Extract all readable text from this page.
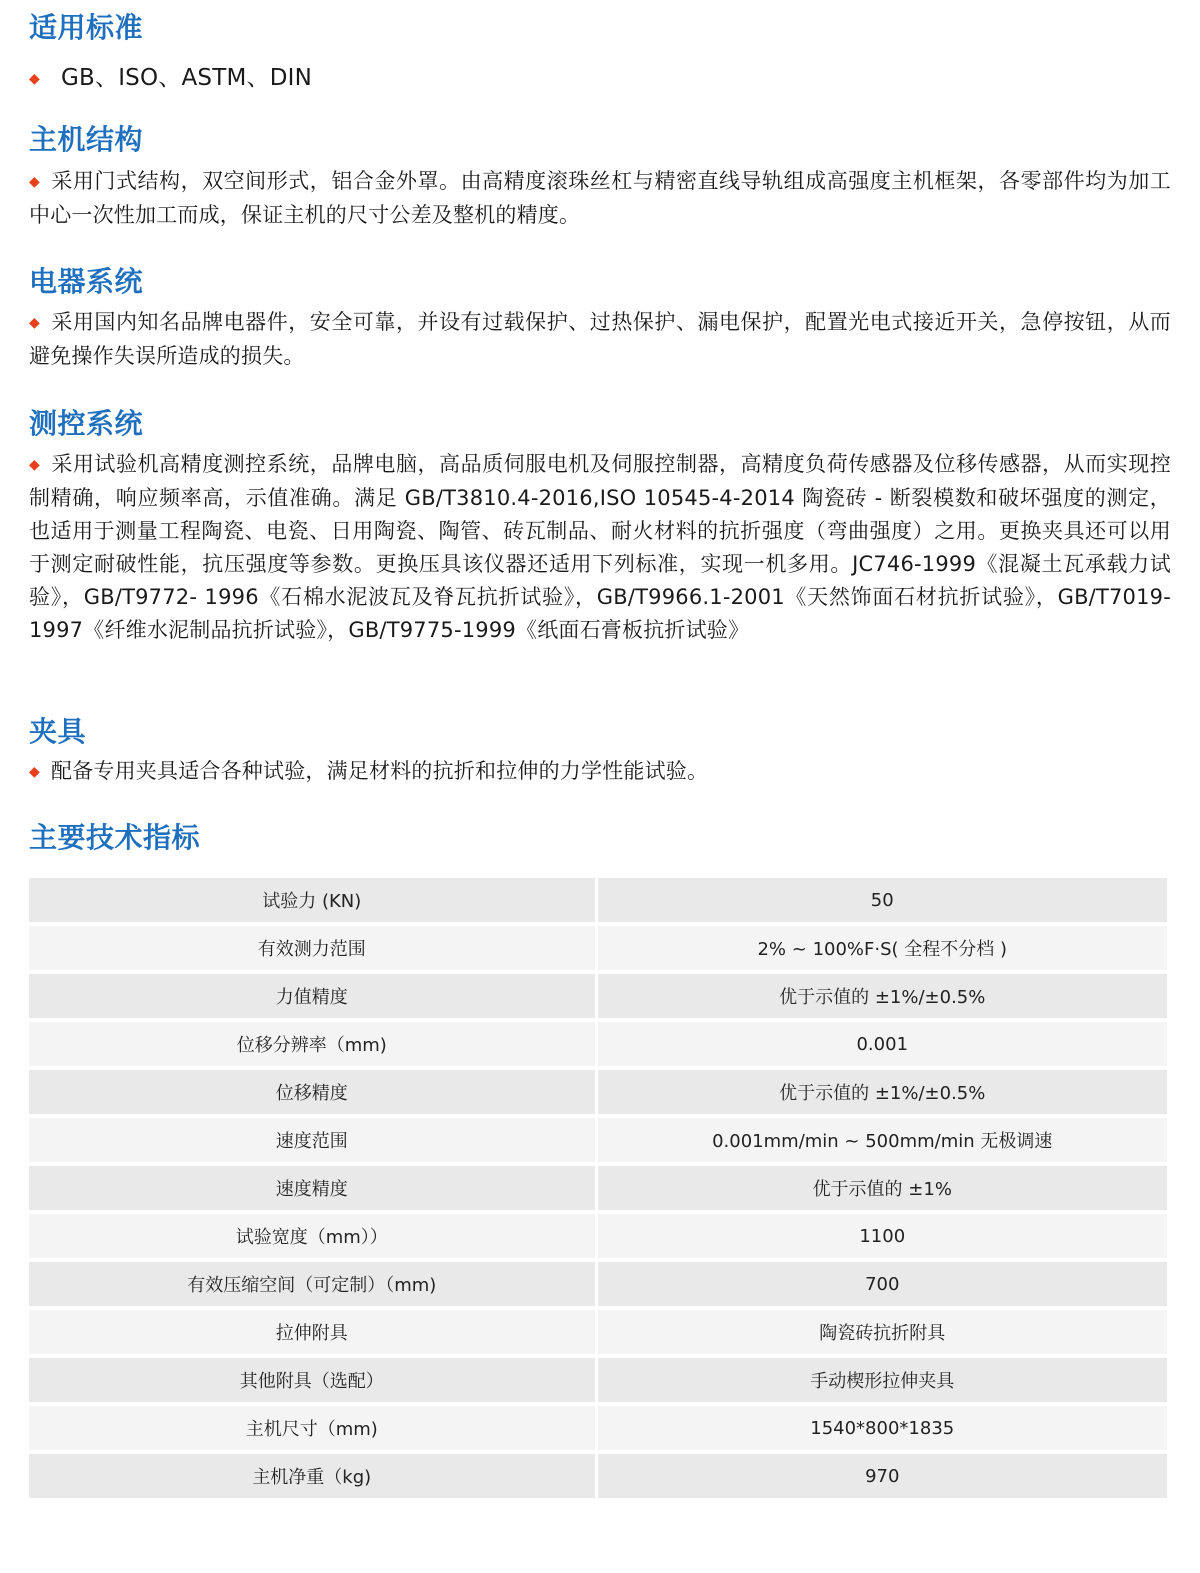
适用标准

◆ GB、ISO、ASTM、DIN

主机结构

◆ 采用门式结构，双空间形式，铝合金外罩。由高精度滚珠丝杠与精密直线导轨组成高强度主机框架，各零部件均为加工中心一次性加工而成，保证主机的尺寸公差及整机的精度。

电器系统

◆ 采用国内知名品牌电器件，安全可靠，并设有过载保护、过热保护、漏电保护，配置光电式接近开关，急停按钮，从而避免操作失误所造成的损失。

测控系统

◆ 采用试验机高精度测控系统，品牌电脑，高品质伺服电机及伺服控制器，高精度负荷传感器及位移传感器，从而实现控制精确，响应频率高，示值准确。满足 GB/T3810.4-2016,ISO 10545-4-2014 陶瓷砖 - 断裂模数和破坏强度的测定，也适用于测量工程陶瓷、电瓷、日用陶瓷、陶管、砖瓦制品、耐火材料的抗折强度（弯曲强度）之用。更换夹具还可以用于测定耐破性能，抗压强度等参数。更换压具该仪器还适用下列标准，实现一机多用。JC746-1999《混凝土瓦承载力试验》，GB/T9772- 1996《石棉水泥波瓦及脊瓦抗折试验》，GB/T9966.1-2001《天然饰面石材抗折试验》，GB/T7019-1997《纤维水泥制品抗折试验》，GB/T9775-1999《纸面石膏板抗折试验》

夹具

◆ 配备专用夹具适合各种试验，满足材料的抗折和拉伸的力学性能试验。

主要技术指标
试验力 (KN)	50
有效测力范围	2% ~ 100%F·S( 全程不分档 )
力值精度	优于示值的 ±1%/±0.5%
位移分辨率（mm)	0.001
位移精度	优于示值的 ±1%/±0.5%
速度范围	0.001mm/min ~ 500mm/min 无极调速
速度精度	优于示值的 ±1%
试验宽度（mm））	1100
有效压缩空间（可定制）（mm)	700
拉伸附具	陶瓷砖抗折附具
其他附具（选配）	手动楔形拉伸夹具
主机尺寸（mm)	1540*800*1835
主机净重（kg)	970
